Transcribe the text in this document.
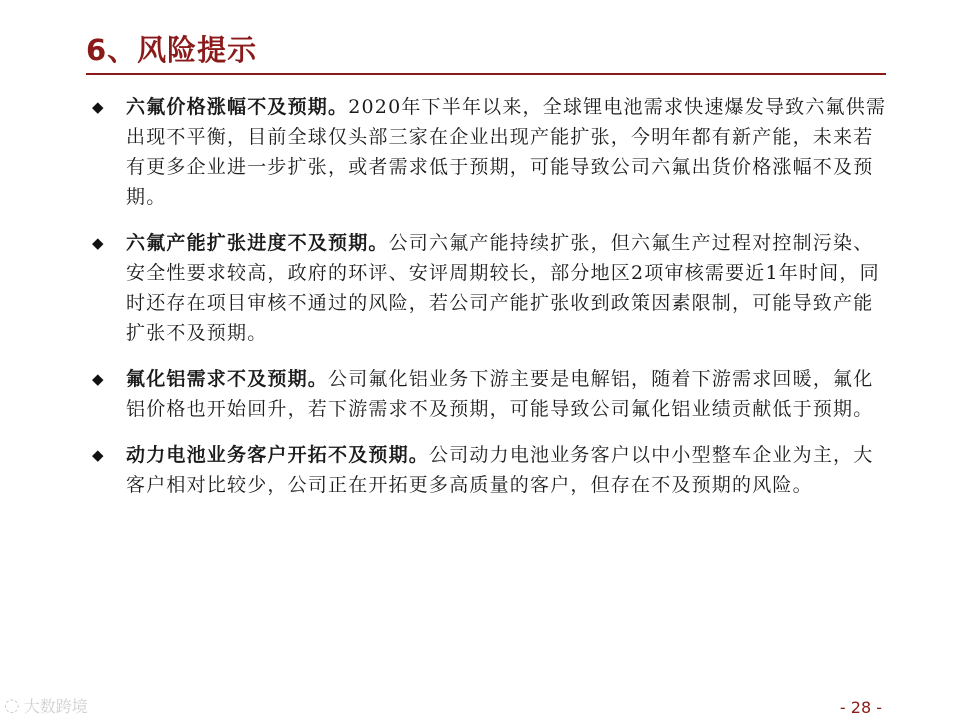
6、风险提示
◆ 六氟价格涨幅不及预期。2020年下半年以来，全球锂电池需求快速爆发导致六氟供需出现不平衡，目前全球仅头部三家在企业出现产能扩张，今明年都有新产能，未来若有更多企业进一步扩张，或者需求低于预期，可能导致公司六氟出货价格涨幅不及预期。
◆ 六氟产能扩张进度不及预期。公司六氟产能持续扩张，但六氟生产过程对控制污染、安全性要求较高，政府的环评、安评周期较长，部分地区2项审核需要近1年时间，同时还存在项目审核不通过的风险，若公司产能扩张收到政策因素限制，可能导致产能扩张不及预期。
◆ 氟化铝需求不及预期。公司氟化铝业务下游主要是电解铝，随着下游需求回暖，氟化铝价格也开始回升，若下游需求不及预期，可能导致公司氟化铝业绩贡献低于预期。
◆ 动力电池业务客户开拓不及预期。公司动力电池业务客户以中小型整车企业为主，大客户相对比较少，公司正在开拓更多高质量的客户，但存在不及预期的风险。
◌ 大数跨境	- 28 -
